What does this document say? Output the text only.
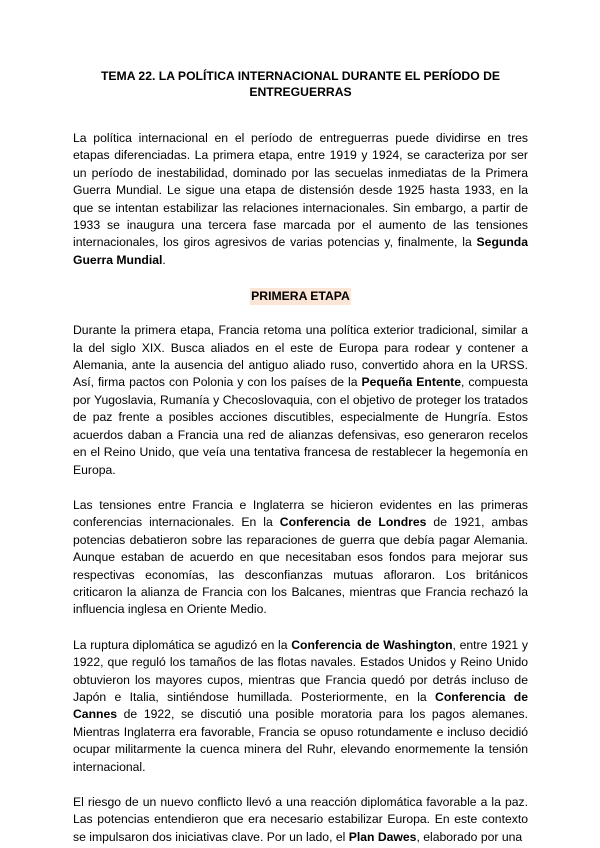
TEMA 22. LA POLÍTICA INTERNACIONAL DURANTE EL PERÍODO DE ENTREGUERRAS

La política internacional en el período de entreguerras puede dividirse en tres etapas diferenciadas. La primera etapa, entre 1919 y 1924, se caracteriza por ser un período de inestabilidad, dominado por las secuelas inmediatas de la Primera Guerra Mundial. Le sigue una etapa de distensión desde 1925 hasta 1933, en la que se intentan estabilizar las relaciones internacionales. Sin embargo, a partir de 1933 se inaugura una tercera fase marcada por el aumento de las tensiones internacionales, los giros agresivos de varias potencias y, finalmente, la Segunda Guerra Mundial.

PRIMERA ETAPA

Durante la primera etapa, Francia retoma una política exterior tradicional, similar a la del siglo XIX. Busca aliados en el este de Europa para rodear y contener a Alemania, ante la ausencia del antiguo aliado ruso, convertido ahora en la URSS. Así, firma pactos con Polonia y con los países de la Pequeña Entente, compuesta por Yugoslavia, Rumanía y Checoslovaquia, con el objetivo de proteger los tratados de paz frente a posibles acciones discutibles, especialmente de Hungría. Estos acuerdos daban a Francia una red de alianzas defensivas, eso generaron recelos en el Reino Unido, que veía una tentativa francesa de restablecer la hegemonía en Europa.

Las tensiones entre Francia e Inglaterra se hicieron evidentes en las primeras conferencias internacionales. En la Conferencia de Londres de 1921, ambas potencias debatieron sobre las reparaciones de guerra que debía pagar Alemania. Aunque estaban de acuerdo en que necesitaban esos fondos para mejorar sus respectivas economías, las desconfianzas mutuas afloraron. Los británicos criticaron la alianza de Francia con los Balcanes, mientras que Francia rechazó la influencia inglesa en Oriente Medio.

La ruptura diplomática se agudizó en la Conferencia de Washington, entre 1921 y 1922, que reguló los tamaños de las flotas navales. Estados Unidos y Reino Unido obtuvieron los mayores cupos, mientras que Francia quedó por detrás incluso de Japón e Italia, sintiéndose humillada. Posteriormente, en la Conferencia de Cannes de 1922, se discutió una posible moratoria para los pagos alemanes. Mientras Inglaterra era favorable, Francia se opuso rotundamente e incluso decidió ocupar militarmente la cuenca minera del Ruhr, elevando enormemente la tensión internacional.

El riesgo de un nuevo conflicto llevó a una reacción diplomática favorable a la paz. Las potencias entendieron que era necesario estabilizar Europa. En este contexto se impulsaron dos iniciativas clave. Por un lado, el Plan Dawes, elaborado por una
